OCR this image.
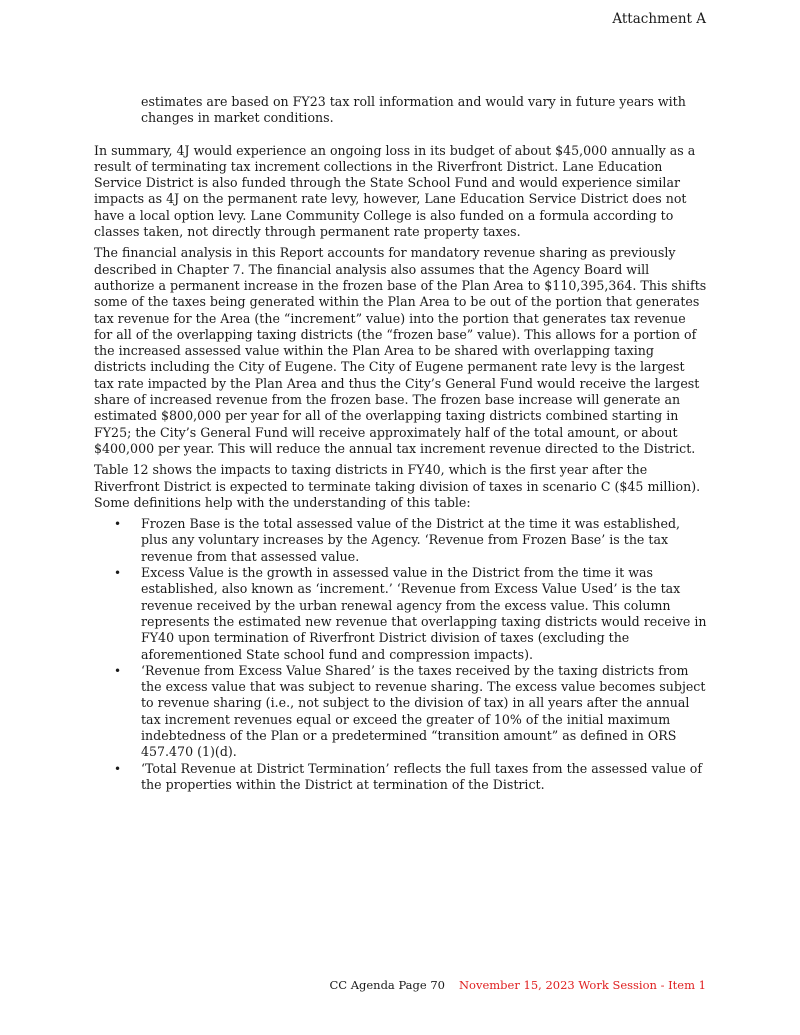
Attachment A

estimates are based on FY23 tax roll information and would vary in future years with changes in market conditions.

In summary, 4J would experience an ongoing loss in its budget of about $45,000 annually as a result of terminating tax increment collections in the Riverfront District. Lane Education Service District is also funded through the State School Fund and would experience similar impacts as 4J on the permanent rate levy, however, Lane Education Service District does not have a local option levy. Lane Community College is also funded on a formula according to classes taken, not directly through permanent rate property taxes.

The financial analysis in this Report accounts for mandatory revenue sharing as previously described in Chapter 7. The financial analysis also assumes that the Agency Board will authorize a permanent increase in the frozen base of the Plan Area to $110,395,364. This shifts some of the taxes being generated within the Plan Area to be out of the portion that generates tax revenue for the Area (the “increment” value) into the portion that generates tax revenue for all of the overlapping taxing districts (the “frozen base” value). This allows for a portion of the increased assessed value within the Plan Area to be shared with overlapping taxing districts including the City of Eugene. The City of Eugene permanent rate levy is the largest tax rate impacted by the Plan Area and thus the City’s General Fund would receive the largest share of increased revenue from the frozen base. The frozen base increase will generate an estimated $800,000 per year for all of the overlapping taxing districts combined starting in FY25; the City’s General Fund will receive approximately half of the total amount, or about $400,000 per year. This will reduce the annual tax increment revenue directed to the District.

Table 12 shows the impacts to taxing districts in FY40, which is the first year after the Riverfront District is expected to terminate taking division of taxes in scenario C ($45 million). Some definitions help with the understanding of this table:

• Frozen Base is the total assessed value of the District at the time it was established, plus any voluntary increases by the Agency. ‘Revenue from Frozen Base’ is the tax revenue from that assessed value.
• Excess Value is the growth in assessed value in the District from the time it was established, also known as ‘increment.’ ‘Revenue from Excess Value Used’ is the tax revenue received by the urban renewal agency from the excess value. This column represents the estimated new revenue that overlapping taxing districts would receive in FY40 upon termination of Riverfront District division of taxes (excluding the aforementioned State school fund and compression impacts).
• ‘Revenue from Excess Value Shared’ is the taxes received by the taxing districts from the excess value that was subject to revenue sharing. The excess value becomes subject to revenue sharing (i.e., not subject to the division of tax) in all years after the annual tax increment revenues equal or exceed the greater of 10% of the initial maximum indebtedness of the Plan or a predetermined “transition amount” as defined in ORS 457.470 (1)(d).
• ‘Total Revenue at District Termination’ reflects the full taxes from the assessed value of the properties within the District at termination of the District.
CC Agenda Page 70 November 15, 2023 Work Session - Item 1
